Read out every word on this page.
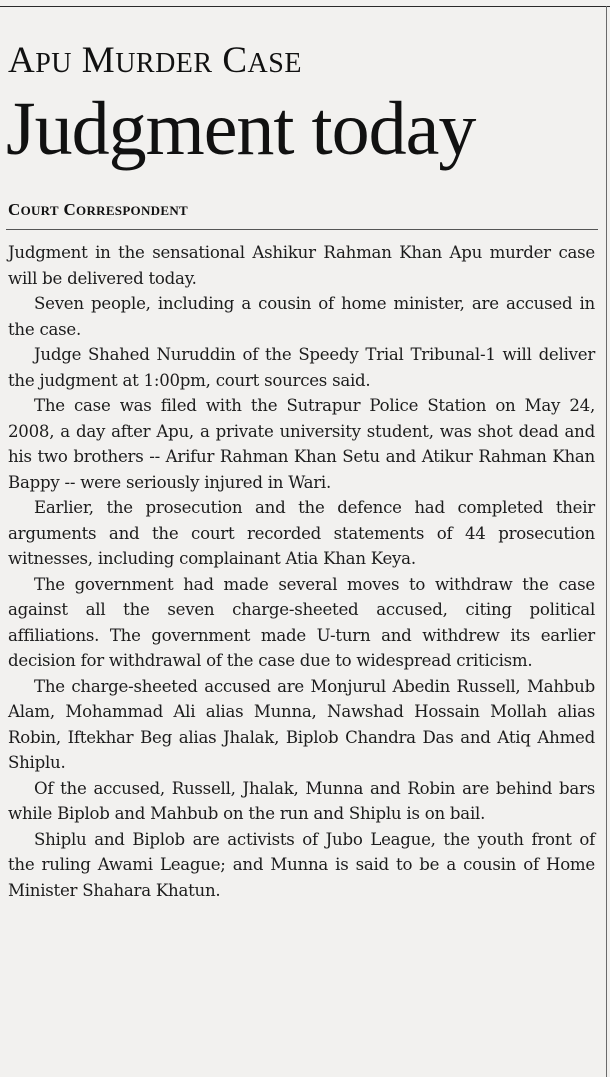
APU MURDER CASE
Judgment today
COURT CORRESPONDENT

Judgment in the sensational Ashikur Rahman Khan Apu murder case will be delivered today.

Seven people, including a cousin of home minister, are accused in the case.

Judge Shahed Nuruddin of the Speedy Trial Tribunal-1 will deliver the judgment at 1:00pm, court sources said.

The case was filed with the Sutrapur Police Station on May 24, 2008, a day after Apu, a private university student, was shot dead and his two brothers -- Arifur Rahman Khan Setu and Atikur Rahman Khan Bappy -- were seriously injured in Wari.

Earlier, the prosecution and the defence had completed their arguments and the court recorded statements of 44 prosecution witnesses, including complainant Atia Khan Keya.

The government had made several moves to withdraw the case against all the seven charge-sheeted accused, citing political affiliations. The government made U-turn and withdrew its earlier decision for withdrawal of the case due to widespread criticism.

The charge-sheeted accused are Monjurul Abedin Russell, Mahbub Alam, Mohammad Ali alias Munna, Nawshad Hossain Mollah alias Robin, Iftekhar Beg alias Jhalak, Biplob Chandra Das and Atiq Ahmed Shiplu.

Of the accused, Russell, Jhalak, Munna and Robin are behind bars while Biplob and Mahbub on the run and Shiplu is on bail.

Shiplu and Biplob are activists of Jubo League, the youth front of the ruling Awami League; and Munna is said to be a cousin of Home Minister Shahara Khatun.
